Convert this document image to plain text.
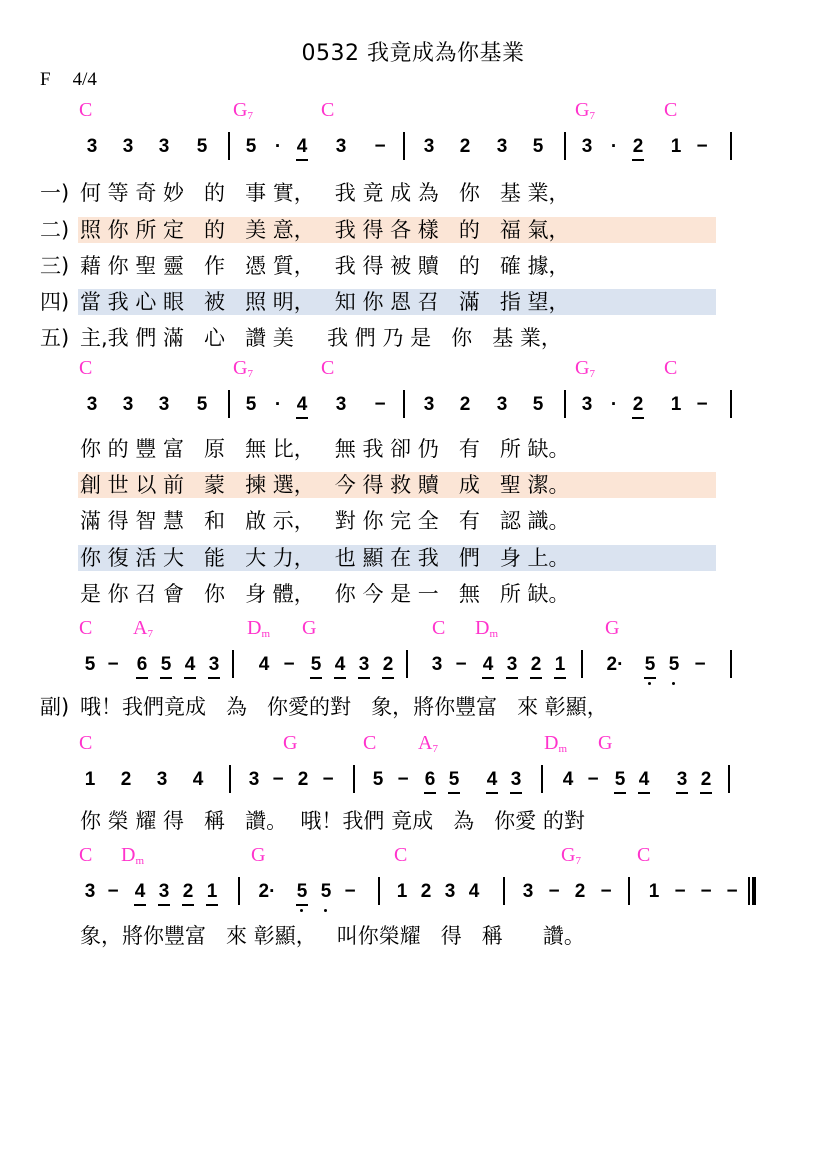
0532 我竟成為你基業
F 4/4
C	$G_7$	C	$G_7$	C
3 3 3 5 5 · 4 3 − 3 2 3 5 3 · 2 1 −
C	$G_7$	C	$G_7$	C
3 3 3 5 5 · 4 3 − 3 2 3 5 3 · 2 1 −
C $A_7$	$D_m$ G	C $D_m$	G
5 − 6 5 4 3 4 − 5 4 3 2 3 − 4 3 2 1 2· 5 5 −
C	G	C $A_7$	$D_m$ G
1 2 3 4 3 − 2 − 5 − 6 5 4 3 4 − 5 4 3 2
C $D_m$	G	C	$G_7$	C
3 − 4 3 2 1 2· 5 5 − 1 2 3 4 3 − 2 − 1 − − −
一)
二)
三)
四)
五)
何 等 奇 妙   的   事 實，   我 竟 成 為   你   基 業，
照 你 所 定   的   美 意，   我 得 各 樣   的   福 氣，
藉 你 聖 靈   作   憑 質，   我 得 被 贖   的   確 據，
當 我 心 眼   被   照 明，   知 你 恩 召   滿   指 望，
主,我 們 滿   心   讚 美     我 們 乃 是   你   基 業，
你 的 豐 富   原   無 比，   無 我 卻 仍   有   所 缺。
創 世 以 前   蒙   揀 選，   今 得 救 贖   成   聖 潔。
滿 得 智 慧   和   啟 示，   對 你 完 全   有   認 識。
你 復 活 大   能   大 力，   也 顯 在 我   們   身 上。
是 你 召 會   你   身 體，   你 今 是 一   無   所 缺。
副) 哦！我們竟成   為   你愛的對   象，將你豐富   來 彰顯，
你 榮 耀 得   稱   讚。  哦！我們 竟成   為   你愛 的對
象，將你豐富   來 彰顯，   叫你榮耀   得   稱      讚。
